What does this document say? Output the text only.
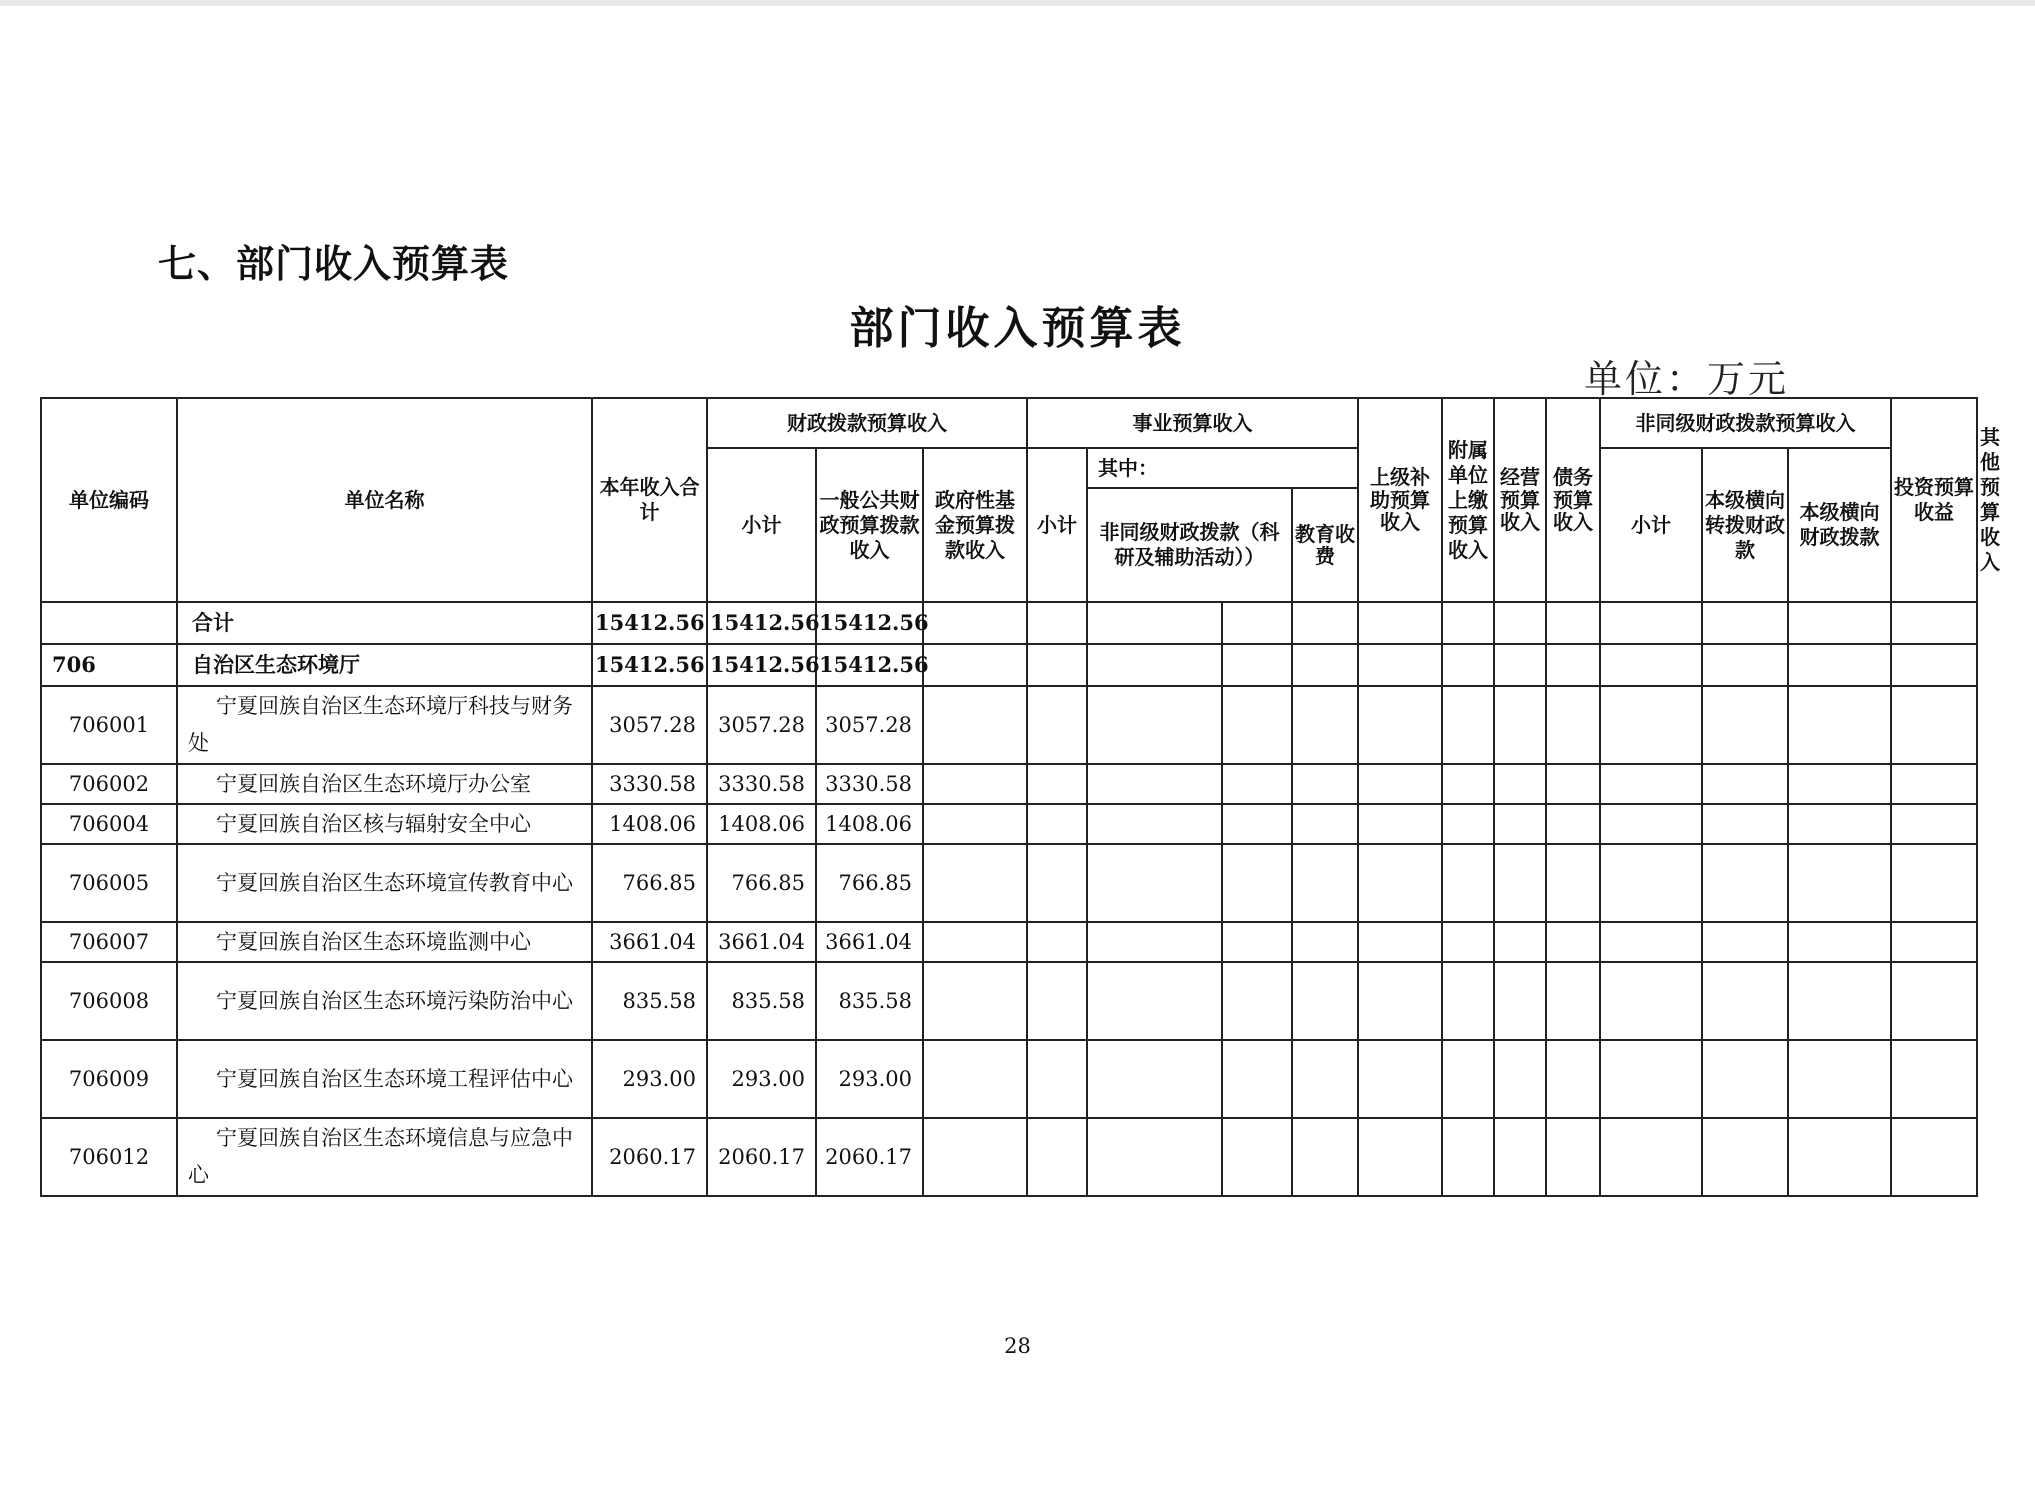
七、部门收入预算表
部门收入预算表
单位：万元
单位编码	单位名称	本年收入合计	财政拨款预算收入			事业预算收入				上级补助预算收入	附属单位上缴预算收入	经营预算收入	债务预算收入	非同级财政拨款预算收入			投资预算收益	其他预算收入
			小计	一般公共财政预算拨款收入	政府性基金预算拨款收入	小计	其中：							小计	本级横向转拨财政款	本级横向财政拨款		
							非同级财政拨款（科研及辅助活动））		教育收费									
	合计	15412.56	15412.56	15412.56														
706	自治区生态环境厅	15412.56	15412.56	15412.56														
706001	宁夏回族自治区生态环境厅科技与财务处	3057.28	3057.28	3057.28														
706002	宁夏回族自治区生态环境厅办公室	3330.58	3330.58	3330.58														
706004	宁夏回族自治区核与辐射安全中心	1408.06	1408.06	1408.06														
706005	宁夏回族自治区生态环境宣传教育中心	766.85	766.85	766.85														
706007	宁夏回族自治区生态环境监测中心	3661.04	3661.04	3661.04														
706008	宁夏回族自治区生态环境污染防治中心	835.58	835.58	835.58														
706009	宁夏回族自治区生态环境工程评估中心	293.00	293.00	293.00														
706012	宁夏回族自治区生态环境信息与应急中心	2060.17	2060.17	2060.17														
28
